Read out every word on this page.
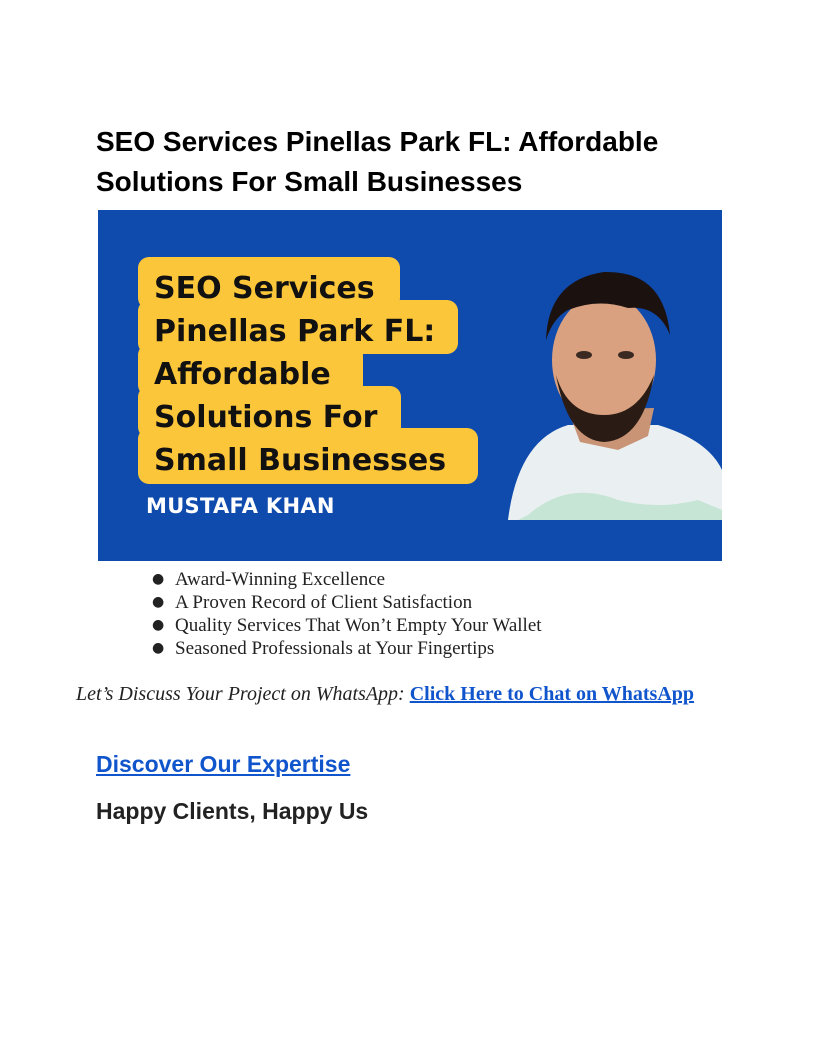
SEO Services Pinellas Park FL: Affordable
Solutions For Small Businesses
SEO Services
Pinellas Park FL:
Affordable
Solutions For
Small Businesses
MUSTAFA KHAN
● Award-Winning Excellence
● A Proven Record of Client Satisfaction
● Quality Services That Won’t Empty Your Wallet
● Seasoned Professionals at Your Fingertips
Let’s Discuss Your Project on WhatsApp: Click Here to Chat on WhatsApp
Discover Our Expertise
Happy Clients, Happy Us
